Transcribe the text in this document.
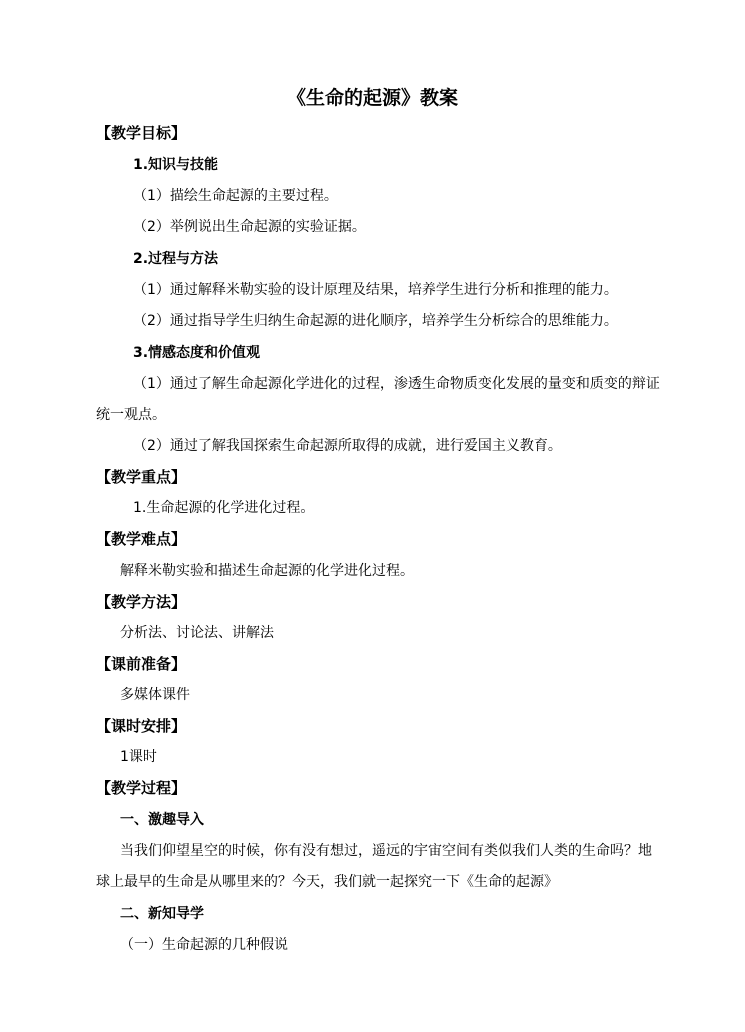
《生命的起源》教案
【教学目标】
1.知识与技能
（1）描绘生命起源的主要过程。
（2）举例说出生命起源的实验证据。
2.过程与方法
（1）通过解释米勒实验的设计原理及结果，培养学生进行分析和推理的能力。
（2）通过指导学生归纳生命起源的进化顺序，培养学生分析综合的思维能力。
3.情感态度和价值观
（1）通过了解生命起源化学进化的过程，渗透生命物质变化发展的量变和质变的辩证
统一观点。
（2）通过了解我国探索生命起源所取得的成就，进行爱国主义教育。
【教学重点】
1.生命起源的化学进化过程。
【教学难点】
解释米勒实验和描述生命起源的化学进化过程。
【教学方法】
分析法、讨论法、讲解法
【课前准备】
多媒体课件
【课时安排】
1课时
【教学过程】
一、激趣导入
当我们仰望星空的时候，你有没有想过，遥远的宇宙空间有类似我们人类的生命吗？地
球上最早的生命是从哪里来的？今天，我们就一起探究一下《生命的起源》
二、新知导学
（一）生命起源的几种假说
